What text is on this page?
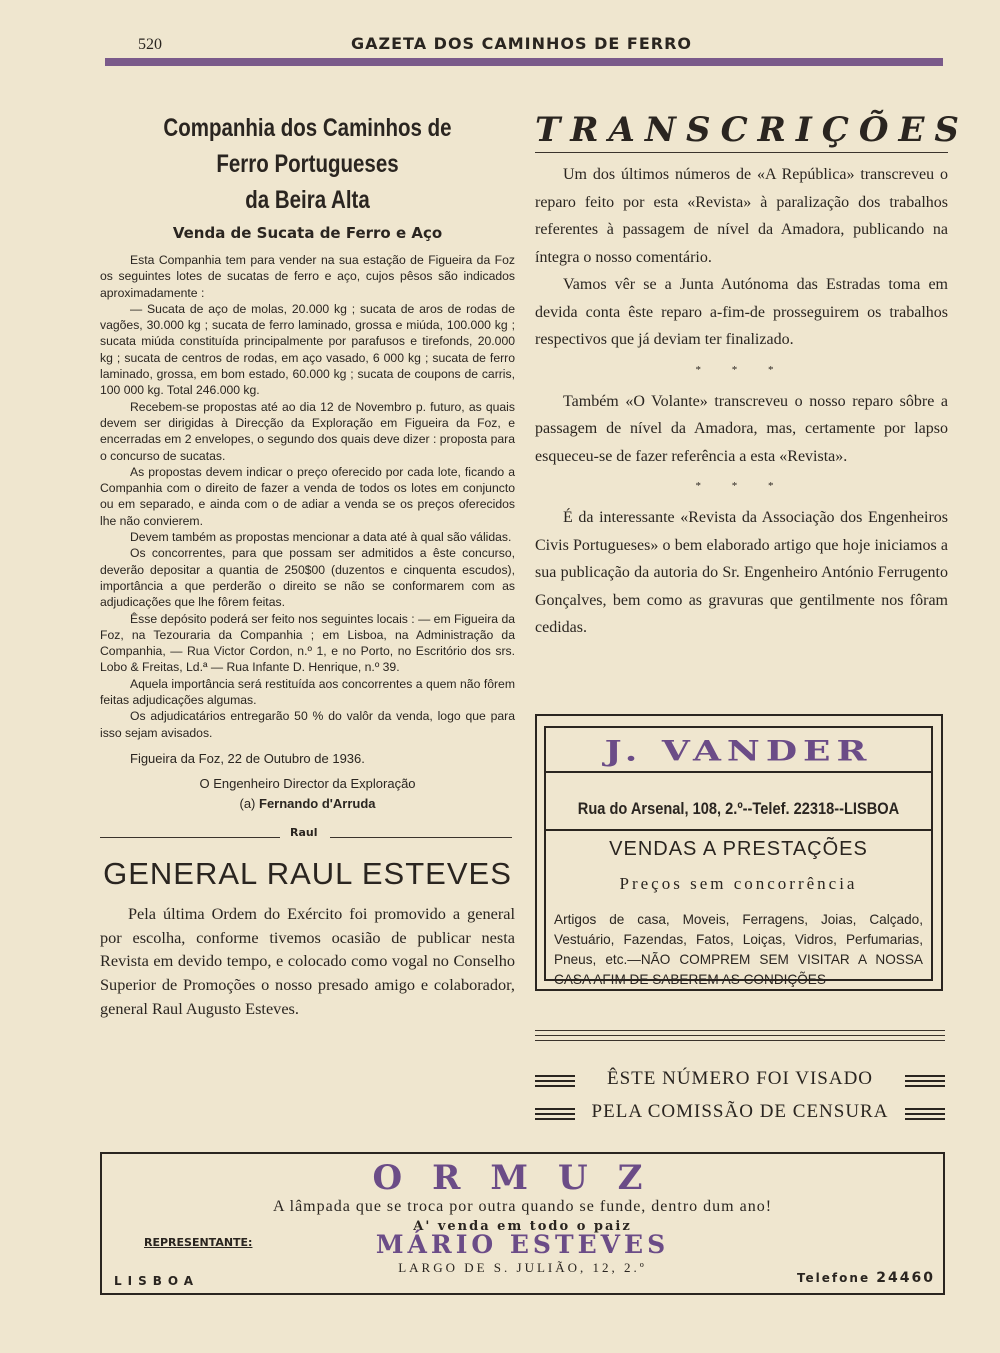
520	GAZETA DOS CAMINHOS DE FERRO
Companhia dos Caminhos de Ferro Portugueses
da Beira Alta
Venda de Sucata de Ferro e Aço

Esta Companhia tem para vender na sua estação de Figueira da Foz os seguintes lotes de sucatas de ferro e aço, cujos pêsos são indicados aproximadamente :

— Sucata de aço de molas, 20.000 kg ; sucata de aros de rodas de vagões, 30.000 kg ; sucata de ferro laminado, grossa e miúda, 100.000 kg ; sucata miúda constituída principalmente por parafusos e tirefonds, 20.000 kg ; sucata de centros de rodas, em aço vasado, 6 000 kg ; sucata de ferro laminado, grossa, em bom estado, 60.000 kg ; sucata de coupons de carris, 100 000 kg. Total 246.000 kg.

Recebem-se propostas até ao dia 12 de Novembro p. futuro, as quais devem ser dirigidas à Direcção da Exploração em Figueira da Foz, e encerradas em 2 envelopes, o segundo dos quais deve dizer : proposta para o concurso de sucatas.

As propostas devem indicar o preço oferecido por cada lote, ficando a Companhia com o direito de fazer a venda de todos os lotes em conjuncto ou em separado, e ainda com o de adiar a venda se os preços oferecidos lhe não convierem.

Devem também as propostas mencionar a data até à qual são válidas.

Os concorrentes, para que possam ser admitidos a êste concurso, deverão depositar a quantia de 250$00 (duzentos e cinquenta escudos), importância a que perderão o direito se não se conformarem com as adjudicações que lhe fôrem feitas.

Êsse depósito poderá ser feito nos seguintes locais : — em Figueira da Foz, na Tezouraria da Companhia ; em Lisboa, na Administração da Companhia, — Rua Victor Cordon, n.º 1, e no Porto, no Escritório dos srs. Lobo & Freitas, Ld.ª — Rua Infante D. Henrique, n.º 39.

Aquela importância será restituída aos concorrentes a quem não fôrem feitas adjudicações algumas.

Os adjudicatários entregarão 50 % do valôr da venda, logo que para isso sejam avisados.

Figueira da Foz, 22 de Outubro de 1936.
O Engenheiro Director da Exploração
(a) Fernando d'Arruda
Raul
GENERAL RAUL ESTEVES

Pela última Ordem do Exército foi promovido a general por escolha, conforme tivemos ocasião de publicar nesta Revista em devido tempo, e colocado como vogal no Conselho Superior de Promoções o nosso presado amigo e colaborador, general Raul Augusto Esteves.

TRANSCRIÇÕES

Um dos últimos números de «A República» transcreveu o reparo feito por esta «Revista» à paralização dos trabalhos referentes à passagem de nível da Amadora, publicando na íntegra o nosso comentário.

Vamos vêr se a Junta Autónoma das Estradas toma em devida conta êste reparo a-fim-de prosseguirem os trabalhos respectivos que já deviam ter finalizado.

* * *

Também «O Volante» transcreveu o nosso reparo sôbre a passagem de nível da Amadora, mas, certamente por lapso esqueceu-se de fazer referência a esta «Revista».

* * *

É da interessante «Revista da Associação dos Engenheiros Civis Portugueses» o bem elaborado artigo que hoje iniciamos a sua publicação da autoria do Sr. Engenheiro António Ferrugento Gonçalves, bem como as gravuras que gentilmente nos fôram cedidas.

J. VANDER
Rua do Arsenal, 108, 2.º--Telef. 22318--LISBOA
VENDAS A PRESTAÇÕES
Preços sem concorrência
Artigos de casa, Moveis, Ferragens, Joias, Calçado, Vestuário, Fazendas, Fatos, Loiças, Vidros, Perfumarias, Pneus, etc.—NÃO COMPREM SEM VISITAR A NOSSA CASA AFIM DE SABEREM AS CONDIÇÕES
ÊSTE NÚMERO FOI VISADO
PELA COMISSÃO DE CENSURA
ORMUZ
A lâmpada que se troca por outra quando se funde, dentro dum ano!
A' venda em todo o paiz
REPRESENTANTE:	MÁRIO ESTEVES
LARGO DE S. JULIÃO, 12, 2.º
LISBOA	Telefone 24460
